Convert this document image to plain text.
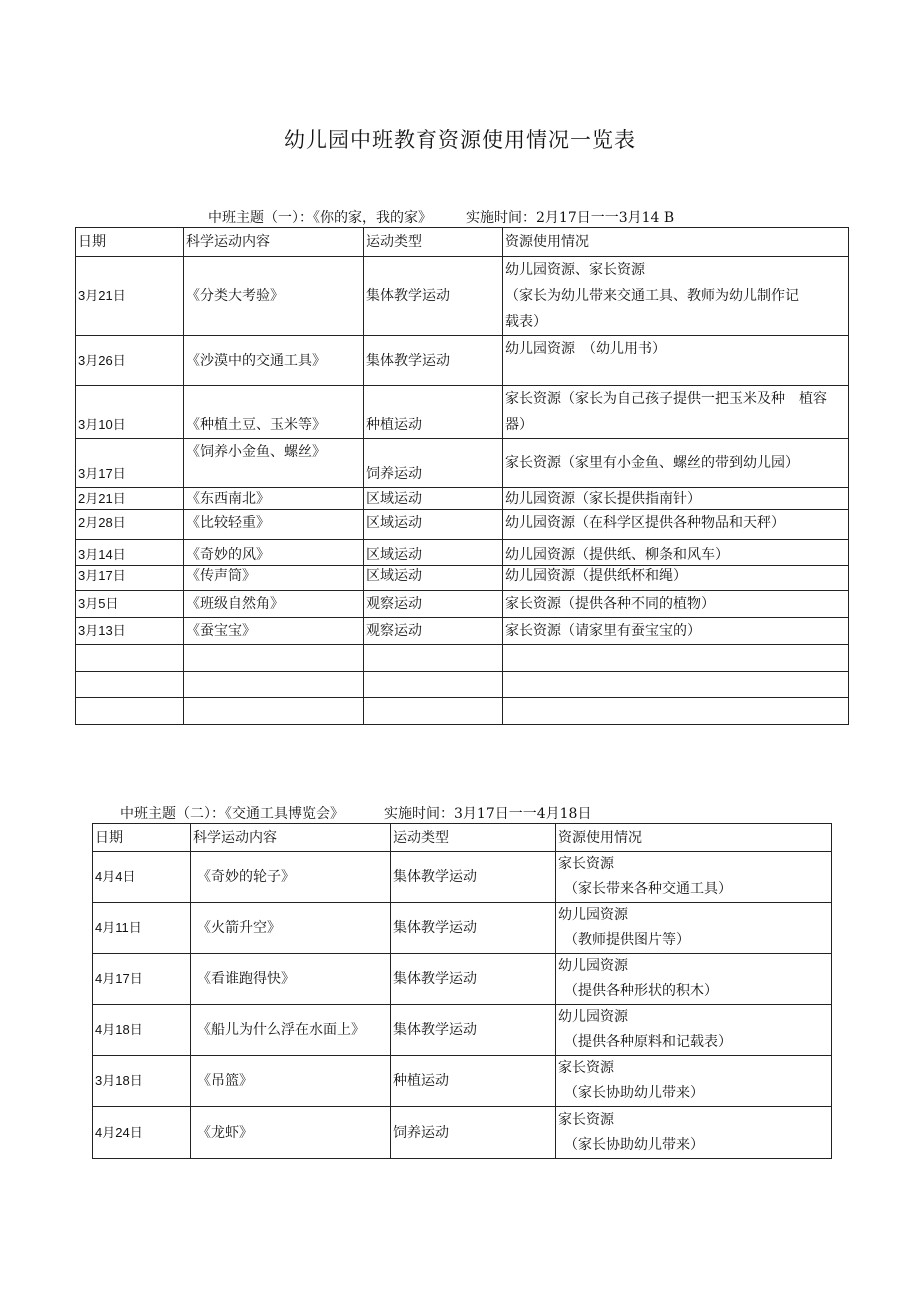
幼儿园中班教育资源使用情况一览表
中班主题（一）：《你的家，我的家》 实施时间：2月17日一一3月14 B
日期	科学运动内容	运动类型	资源使用情况
3月21日	《分类大考验》	集体教学运动	幼儿园资源、家长资源
（家长为幼儿带来交通工具、教师为幼儿制作记
载表）

3月26日	《沙漠中的交通工具》	集体教学运动	幼儿园资源　（幼儿用书）

3月10日	《种植土豆、玉米等》	种植运动	家长资源（家长为自己孩子提供一把玉米及种　植容
器）

3月17日	《饲养小金鱼、螺丝》	饲养运动	家长资源（家里有小金鱼、螺丝的带到幼儿园）

2月21日	《东西南北》	区域运动	幼儿园资源（家长提供指南针）
2月28日	《比较轻重》	区域运动	幼儿园资源（在科学区提供各种物品和天秤）
3月14日	《奇妙的风》	区域运动	幼儿园资源（提供纸、柳条和风车）
3月17日	《传声筒》	区域运动	幼儿园资源（提供纸杯和绳）
3月5日	《班级自然角》	观察运动	家长资源（提供各种不同的植物）
3月13日	《蚕宝宝》	观察运动	家长资源（请家里有蚕宝宝的）

中班主题（二）：《交通工具博览会》	实施时间：3月17日一一4月18日
日期	科学运动内容	运动类型	资源使用情况
4月4日	《奇妙的轮子》	集体教学运动	家长资源
（家长带来各种交通工具）

4月11日	《火箭升空》	集体教学运动	幼儿园资源
（教师提供图片等）

4月17日	《看谁跑得快》	集体教学运动	幼儿园资源
（提供各种形状的积木）

4月18日	《船儿为什么浮在水面上》	集体教学运动	幼儿园资源
（提供各种原料和记载表）

3月18日	《吊篮》	种植运动	家长资源
（家长协助幼儿带来）

4月24日	《龙虾》	饲养运动	家长资源
（家长协助幼儿带来）
